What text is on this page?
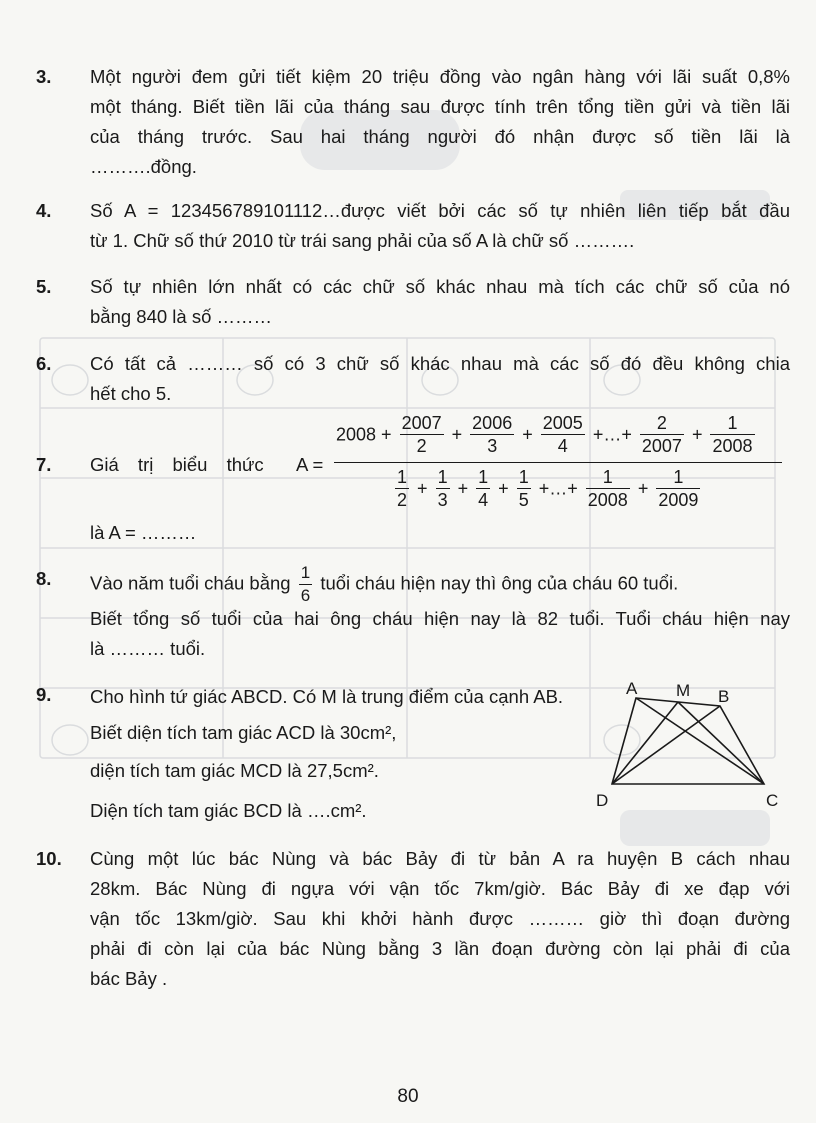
3. Một người đem gửi tiết kiệm 20 triệu đồng vào ngân hàng với lãi suất 0,8%
một tháng. Biết tiền lãi của tháng sau được tính trên tổng tiền gửi và tiền lãi
của tháng trước. Sau hai tháng người đó nhận được số tiền lãi là
……….đồng.
4. Số A = 123456789101112…được viết bởi các số tự nhiên liên tiếp bắt đầu
từ 1. Chữ số thứ 2010 từ trái sang phải của số A là chữ số ……….
5. Số tự nhiên lớn nhất có các chữ số khác nhau mà tích các chữ số của nó
bằng 840 là số ………
6. Có tất cả ……… số có 3 chữ số khác nhau mà các số đó đều không chia
hết cho 5.
7. Giá trị biểu thức A =
$2008 + \frac{2007}{2} + \frac{2006}{3} + \frac{2005}{4}$ +…+ $\frac{2}{2007} + \frac{1}{2008}$
$\frac{1}{2} + \frac{1}{3} + \frac{1}{4} + \frac{1}{5}$ +…+ $\frac{1}{2008} + \frac{1}{2009}$
là A = ………
8. Vào năm tuổi cháu bằng $\frac{1}{6}$ tuổi cháu hiện nay thì ông của cháu 60 tuổi.
Biết tổng số tuổi của hai ông cháu hiện nay là 82 tuổi. Tuổi cháu hiện nay
là ……… tuổi.
9. Cho hình tứ giác ABCD. Có M là trung điểm của cạnh AB.
Biết diện tích tam giác ACD là 30cm²,
diện tích tam giác MCD là 27,5cm².
Diện tích tam giác BCD là ….cm².
A M B
D	C
10. Cùng một lúc bác Nùng và bác Bảy đi từ bản A ra huyện B cách nhau
28km. Bác Nùng đi ngựa với vận tốc 7km/giờ. Bác Bảy đi xe đạp với
vận tốc 13km/giờ. Sau khi khởi hành được ……… giờ thì đoạn đường
phải đi còn lại của bác Nùng bằng 3 lần đoạn đường còn lại phải đi của
bác Bảy .
80
